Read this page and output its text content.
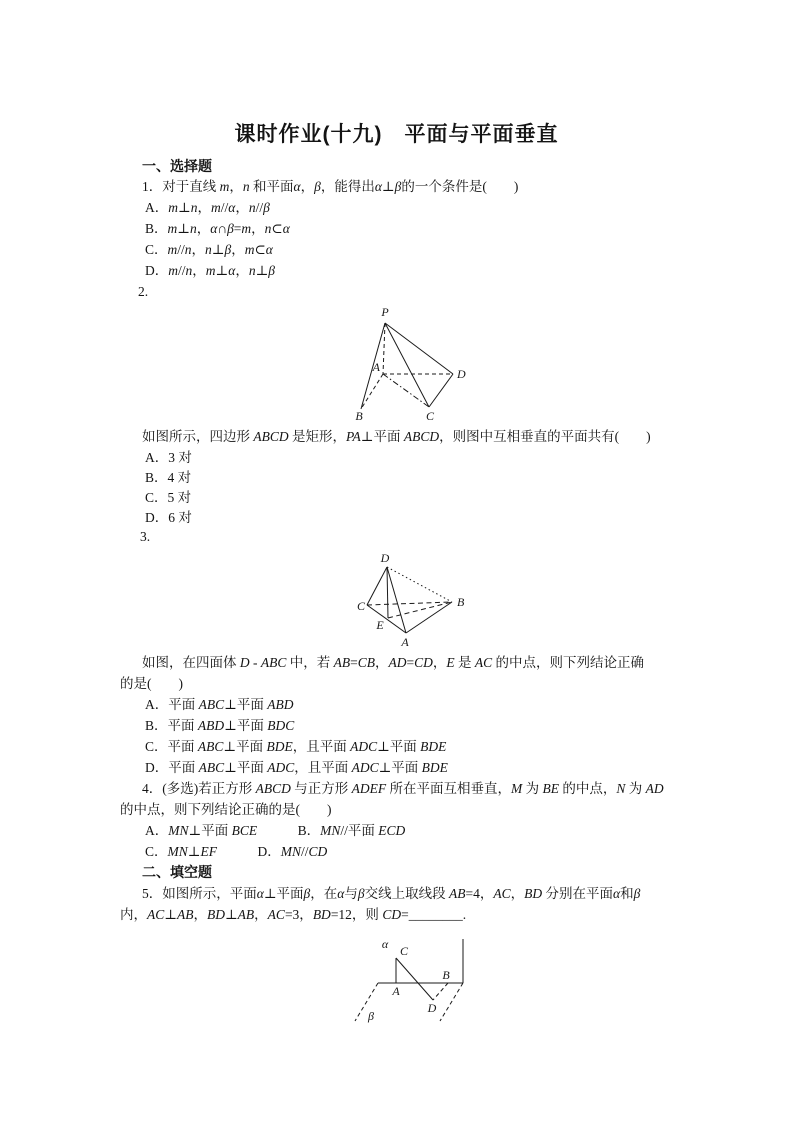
课时作业(十九)　平面与平面垂直
一、选择题
1．对于直线 m，n 和平面α，β，能得出α⊥β的一个条件是(　　)
A．m⊥n，m//α，n//β
B．m⊥n，α∩β=m，n⊂α
C．m//n，n⊥β，m⊂α
D．m//n，m⊥α，n⊥β
2.
P
A	D
B	C
如图所示，四边形 ABCD 是矩形，PA⊥平面 ABCD，则图中互相垂直的平面共有(　　)
A．3 对
B．4 对
C．5 对
D．6 对
3.
D
C	B
A
E
如图，在四面体 D - ABC 中，若 AB=CB，AD=CD，E 是 AC 的中点，则下列结论正确
的是(　　)
A．平面 ABC⊥平面 ABD
B．平面 ABD⊥平面 BDC
C．平面 ABC⊥平面 BDE，且平面 ADC⊥平面 BDE
D．平面 ABC⊥平面 ADC，且平面 ADC⊥平面 BDE
4．(多选)若正方形 ABCD 与正方形 ADEF 所在平面互相垂直，M 为 BE 的中点，N 为 AD
的中点，则下列结论正确的是(　　)
A．MN⊥平面 BCE　　　B．MN//平面 ECD
C．MN⊥EF　　　D．MN//CD
二、填空题
5．如图所示，平面α⊥平面β，在α与β交线上取线段 AB=4，AC，BD 分别在平面α和β
内，AC⊥AB，BD⊥AB，AC=3，BD=12，则 CD=________.
α C
A
B
D
β
